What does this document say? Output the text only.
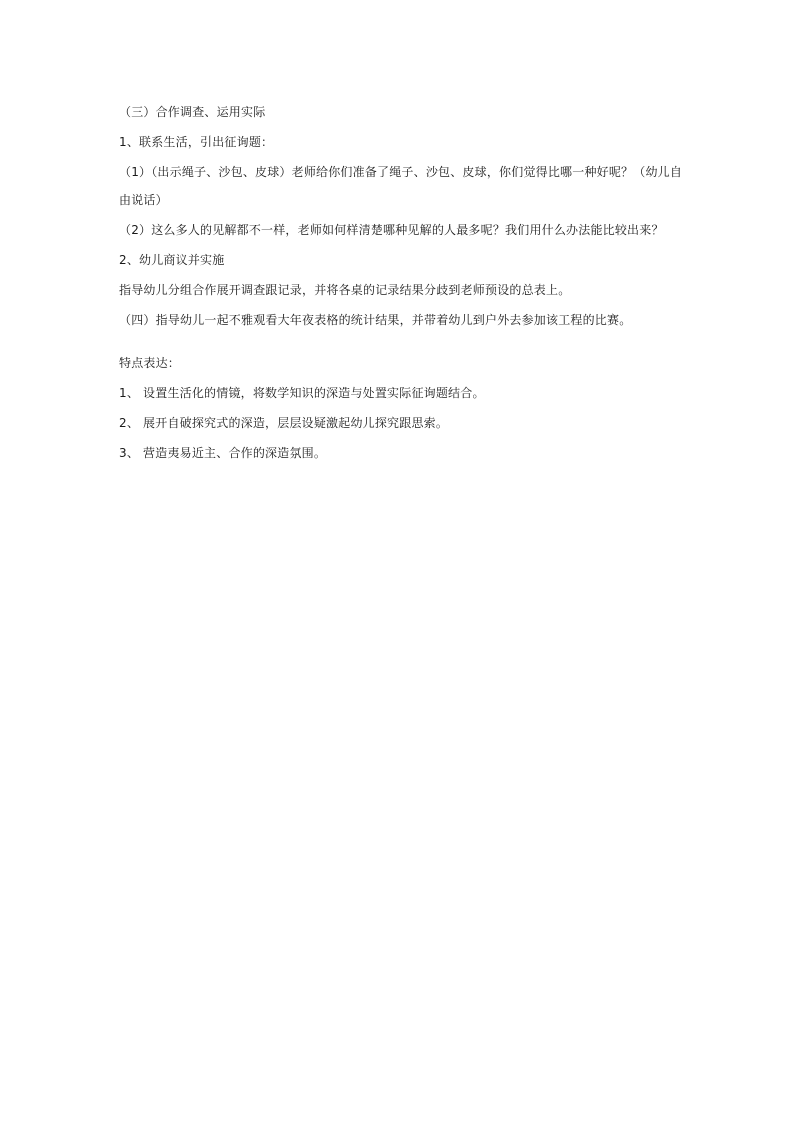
（三）合作调查、运用实际

1、联系生活，引出征询题：

（1）（出示绳子、沙包、皮球）老师给你们准备了绳子、沙包、皮球，你们觉得比哪一种好呢？（幼儿自由说话）

（2）这么多人的见解都不一样，老师如何样清楚哪种见解的人最多呢？我们用什么办法能比较出来？

2、幼儿商议并实施

指导幼儿分组合作展开调查跟记录，并将各桌的记录结果分歧到老师预设的总表上。

（四）指导幼儿一起不雅观看大年夜表格的统计结果，并带着幼儿到户外去参加该工程的比赛。

特点表达：

1、 设置生活化的情镜，将数学知识的深造与处置实际征询题结合。

2、 展开自破探究式的深造，层层设疑激起幼儿探究跟思索。

3、 营造夷易近主、合作的深造氛围。
